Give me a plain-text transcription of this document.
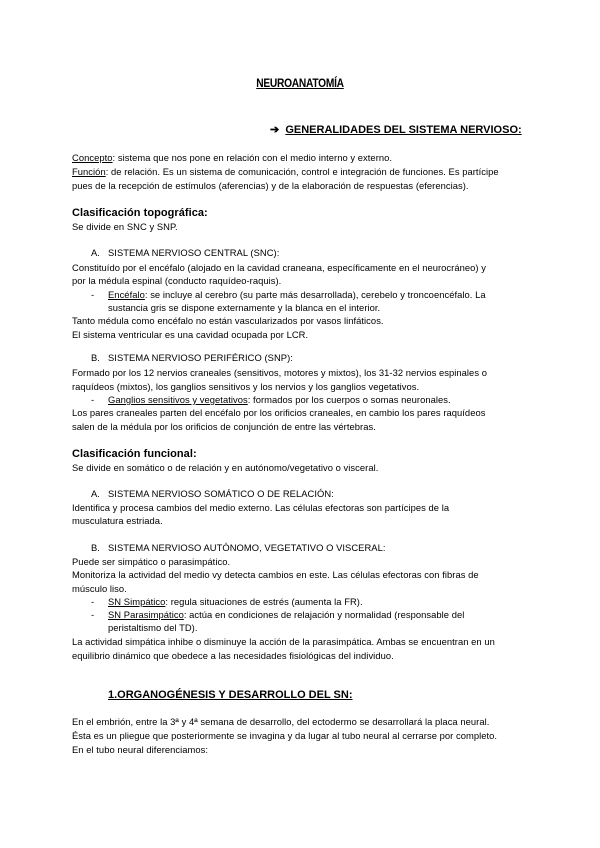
NEUROANATOMÍA
➔ GENERALIDADES DEL SISTEMA NERVIOSO:
Concepto: sistema que nos pone en relación con el medio interno y externo.
Función: de relación. Es un sistema de comunicación, control e integración de funciones. Es partícipe
pues de la recepción de estímulos (aferencias) y de la elaboración de respuestas (eferencias).
Clasificación topográfica:
Se divide en SNC y SNP.
A. SISTEMA NERVIOSO CENTRAL (SNC):
Constituído por el encéfalo (alojado en la cavidad craneana, específicamente en el neurocráneo) y
por la médula espinal (conducto raquídeo-raquis).
- Encéfalo: se incluye al cerebro (su parte más desarrollada), cerebelo y troncoencéfalo. La
sustancia gris se dispone externamente y la blanca en el interior.
Tanto médula como encéfalo no están vascularizados por vasos linfáticos.
El sistema ventricular es una cavidad ocupada por LCR.
B. SISTEMA NERVIOSO PERIFÉRICO (SNP):
Formado por los 12 nervios craneales (sensitivos, motores y mixtos), los 31-32 nervios espinales o
raquídeos (mixtos), los ganglios sensitivos y los nervios y los ganglios vegetativos.
- Ganglios sensitivos y vegetativos: formados por los cuerpos o somas neuronales.
Los pares craneales parten del encéfalo por los orificios craneales, en cambio los pares raquídeos
salen de la médula por los orificios de conjunción de entre las vértebras.
Clasificación funcional:
Se divide en somático o de relación y en autónomo/vegetativo o visceral.
A. SISTEMA NERVIOSO SOMÁTICO O DE RELACIÓN:
Identifica y procesa cambios del medio externo. Las células efectoras son partícipes de la
musculatura estriada.
B. SISTEMA NERVIOSO AUTÓNOMO, VEGETATIVO O VISCERAL:
Puede ser simpático o parasimpático.
Monitoriza la actividad del medio vy detecta cambios en este. Las células efectoras con fibras de
músculo liso.
- SN Simpático: regula situaciones de estrés (aumenta la FR).
- SN Parasimpático: actúa en condiciones de relajación y normalidad (responsable del
peristaltismo del TD).
La actividad simpática inhibe o disminuye la acción de la parasimpática. Ambas se encuentran en un
equilibrio dinámico que obedece a las necesidades fisiológicas del individuo.
1.ORGANOGÉNESIS Y DESARROLLO DEL SN:
En el embrión, entre la 3ª y 4ª semana de desarrollo, del ectodermo se desarrollará la placa neural.
Ésta es un pliegue que posteriormente se invagina y da lugar al tubo neural al cerrarse por completo.
En el tubo neural diferenciamos:
